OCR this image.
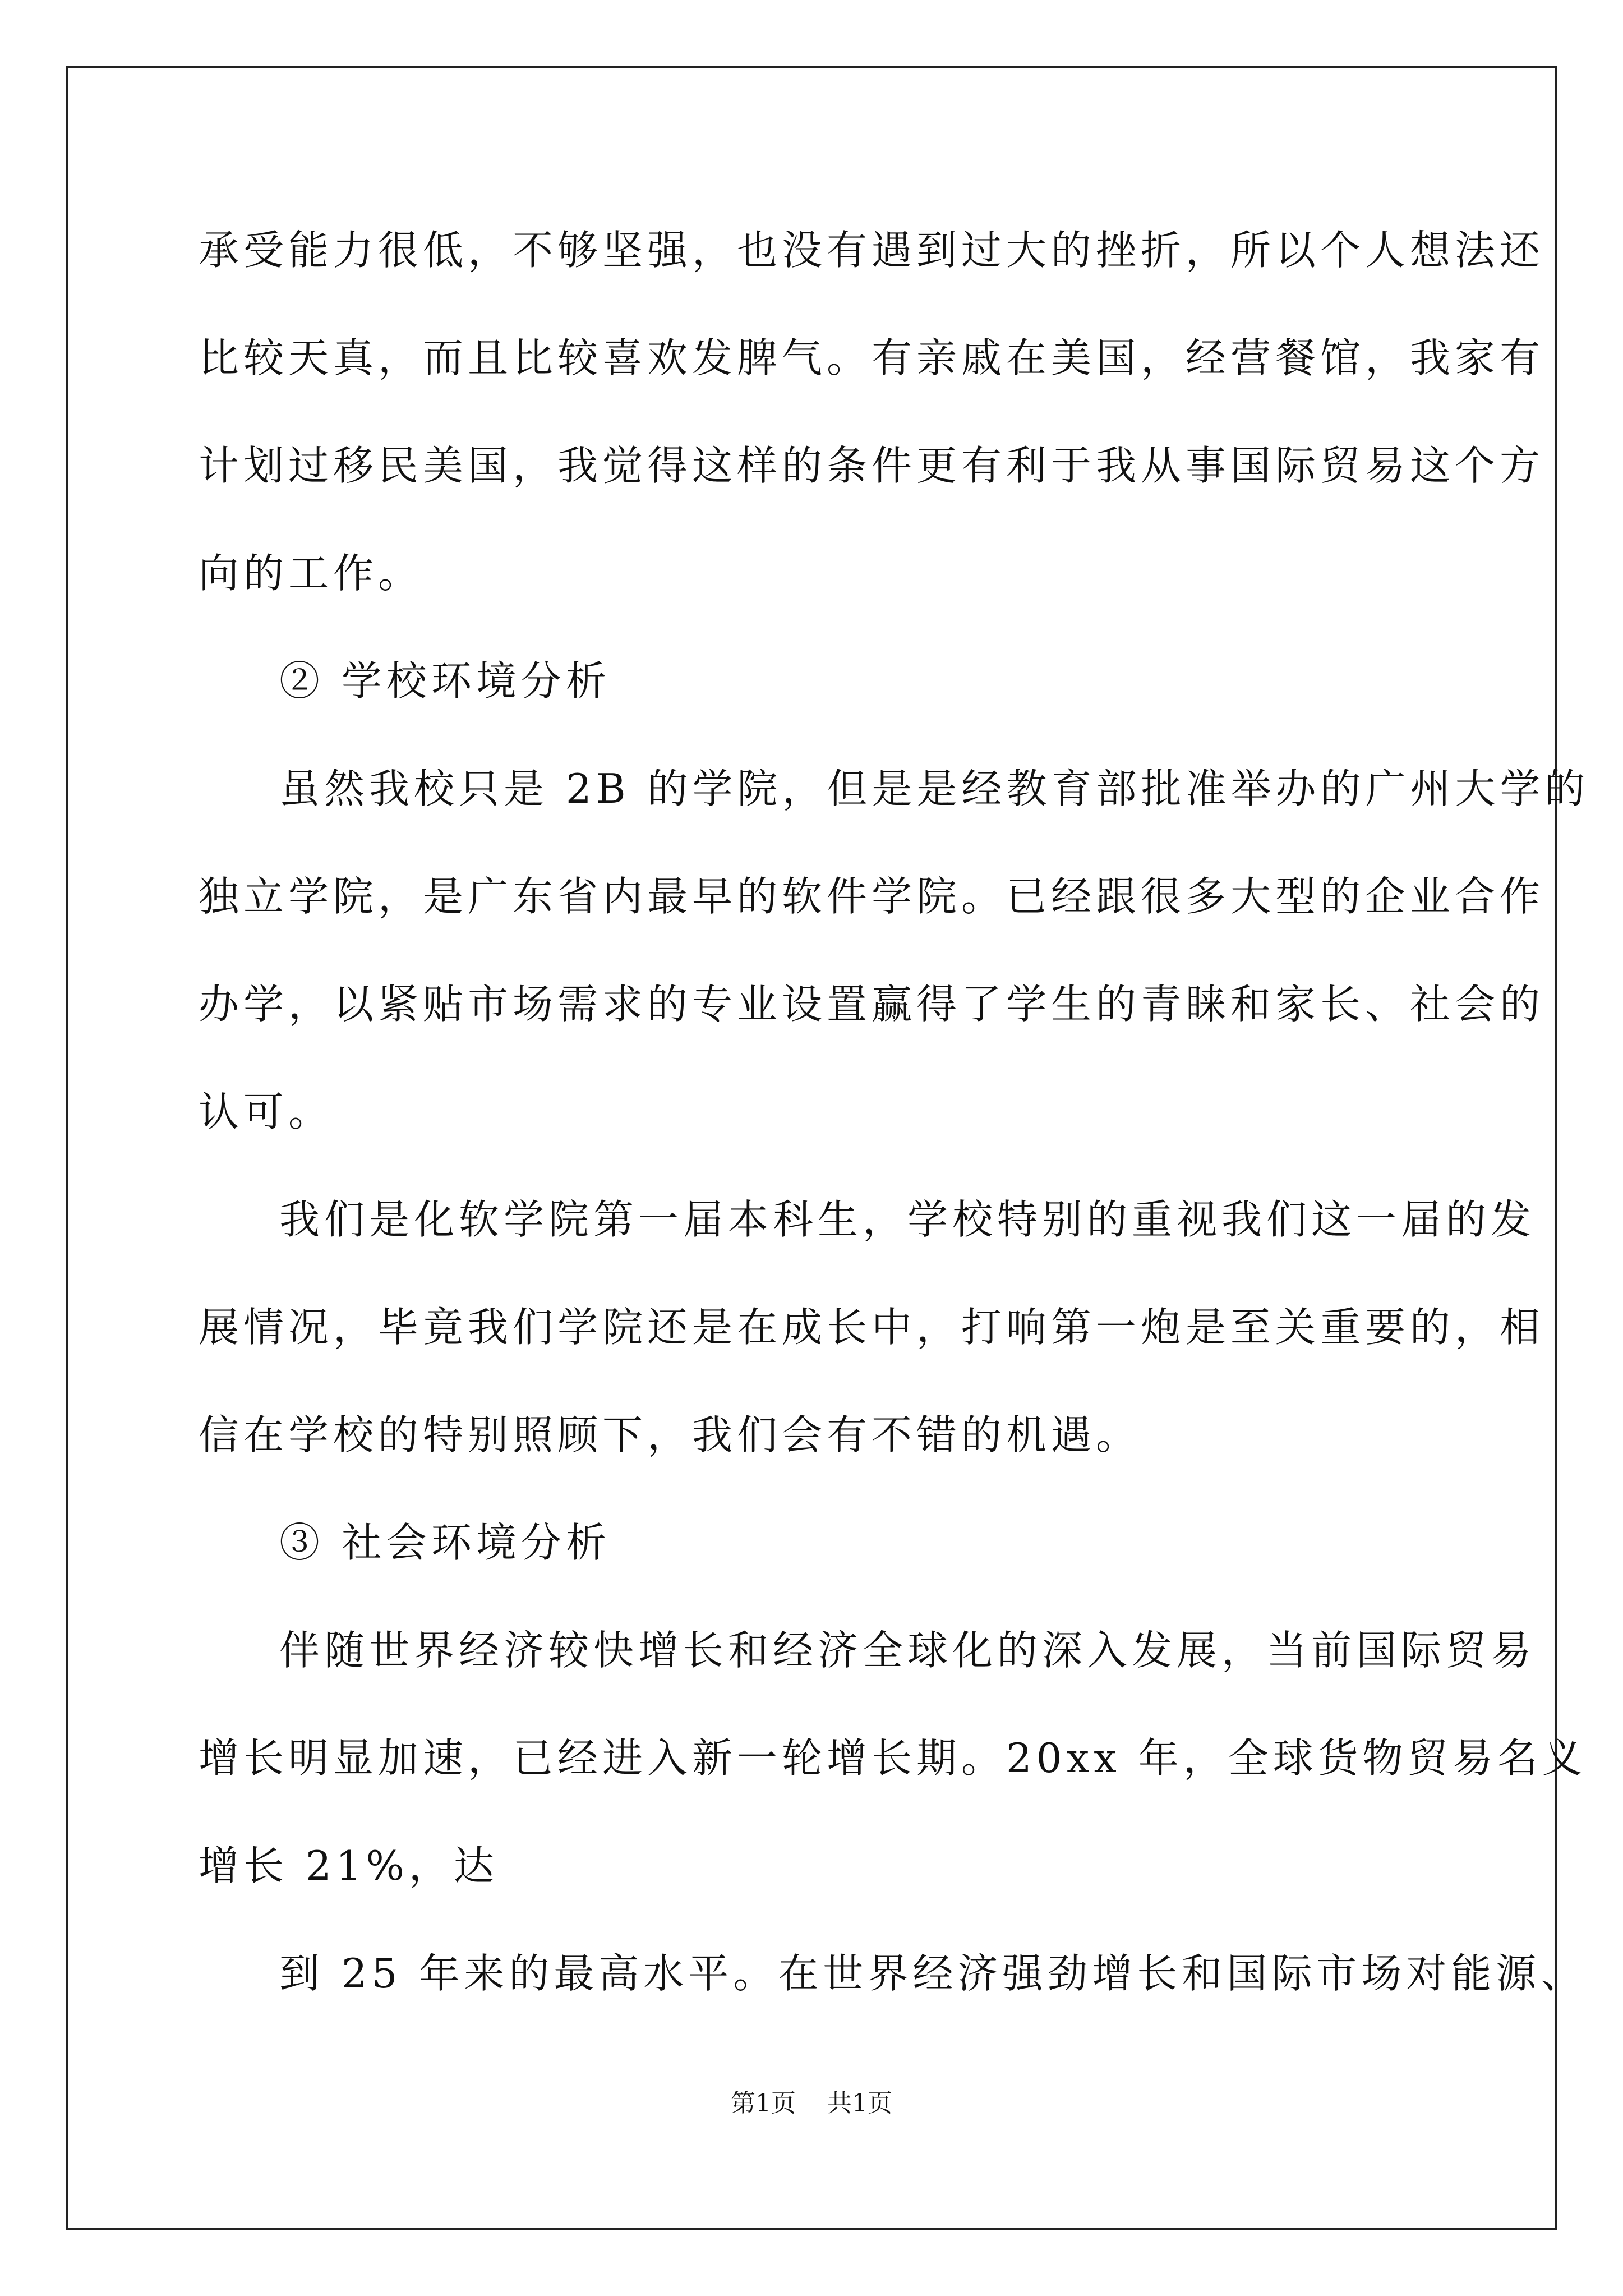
承受能力很低，不够坚强，也没有遇到过大的挫折，所以个人想法还
比较天真，而且比较喜欢发脾气。有亲戚在美国，经营餐馆，我家有
计划过移民美国，我觉得这样的条件更有利于我从事国际贸易这个方
向的工作。
② 学校环境分析
虽然我校只是 2B 的学院，但是是经教育部批准举办的广州大学的
独立学院，是广东省内最早的软件学院。已经跟很多大型的企业合作
办学，以紧贴市场需求的专业设置赢得了学生的青睐和家长、社会的
认可。
我们是化软学院第一届本科生，学校特别的重视我们这一届的发
展情况，毕竟我们学院还是在成长中，打响第一炮是至关重要的，相
信在学校的特别照顾下，我们会有不错的机遇。
③ 社会环境分析
伴随世界经济较快增长和经济全球化的深入发展，当前国际贸易
增长明显加速，已经进入新一轮增长期。20xx 年，全球货物贸易名义
增长 21%，达
到 25 年来的最高水平。在世界经济强劲增长和国际市场对能源、
第1页    共1页
